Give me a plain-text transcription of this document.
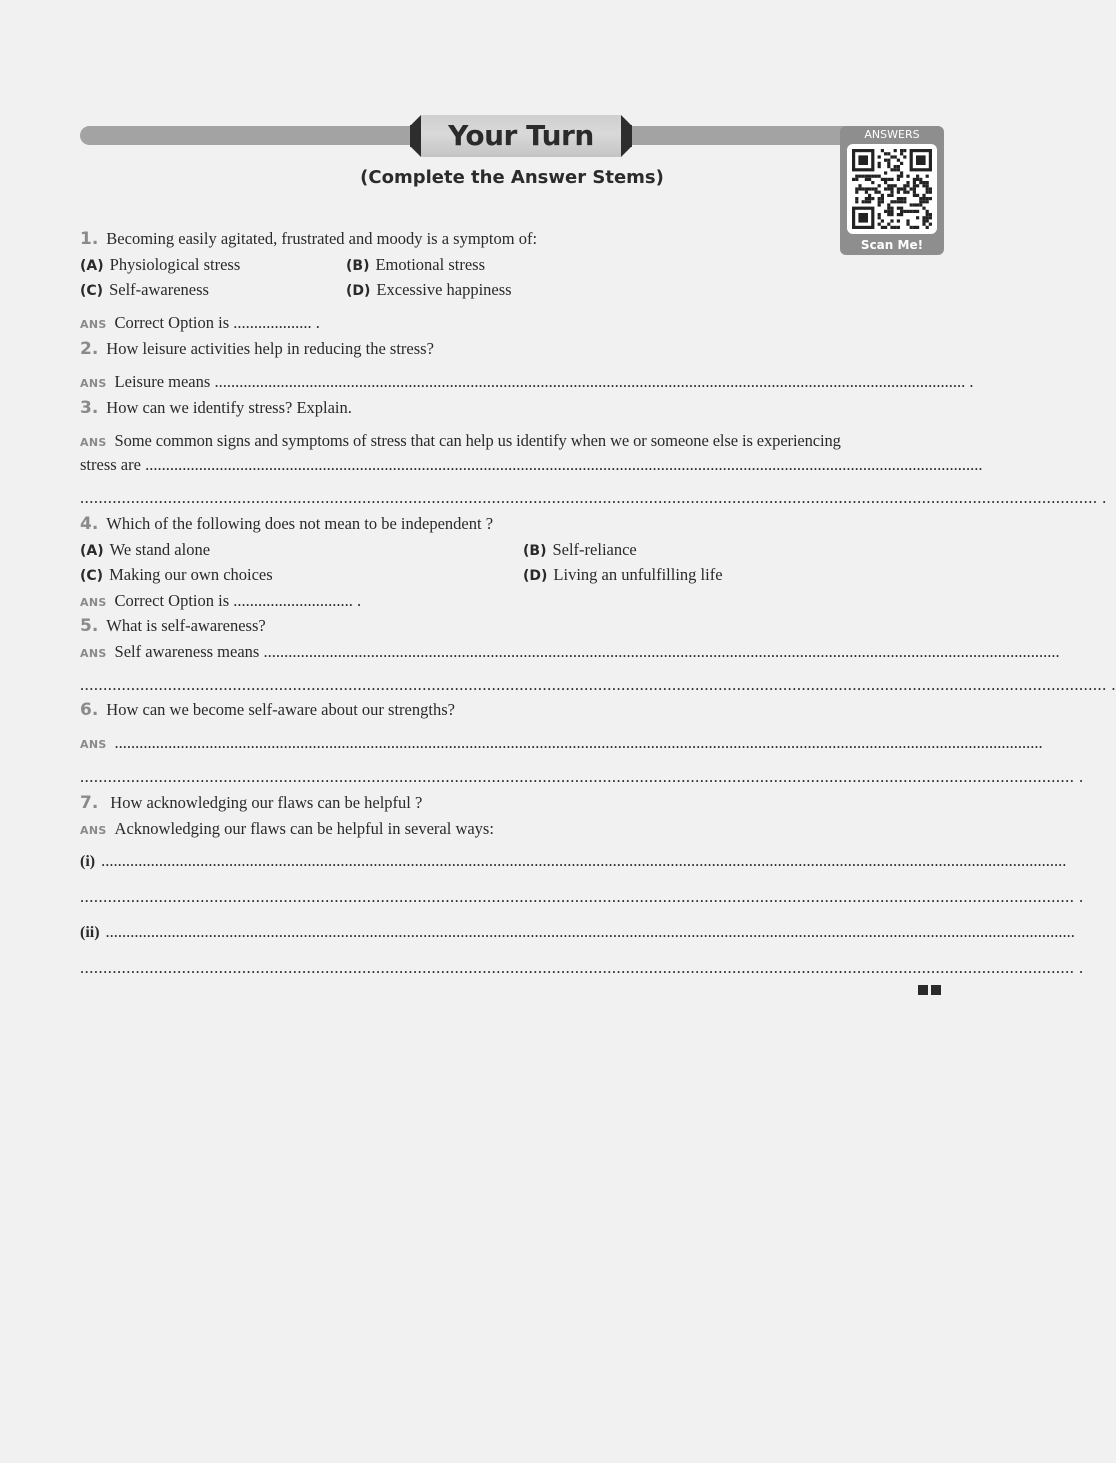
Your Turn
(Complete the Answer Stems)
ANSWERS
Scan Me!
1. Becoming easily agitated, frustrated and moody is a symptom of:
(A) Physiological stress	(B) Emotional stress
(C) Self-awareness	(D) Excessive happiness
ANS Correct Option is ................... .
2. How leisure activities help in reducing the stress?
ANS Leisure means
...................................................................................................................................................................................... .
3. How can we identify stress? Explain.
ANS Some common signs and symptoms of stress that can help us identify when we or someone else is experiencing
stress are
...........................................................................................................................................................................................................
............................................................................................................................................................................................................................ .
4. Which of the following does not mean to be independent ?
(A) We stand alone	(B) Self-reliance
(C) Making our own choices	(D) Living an unfulfilling life
ANS Correct Option is ............................. .
5. What is self-awareness?
ANS Self awareness means
.................................................................................................................................................................................................
.............................................................................................................................................................................................................................. .
6. How can we become self-aware about our strengths?
ANS .................................................................................................................................................................................................................................
....................................................................................................................................................................................................................... .
7. How acknowledging our flaws can be helpful ?
ANS Acknowledging our flaws can be helpful in several ways:
(i) ..........................................................................................................................................................................................................................................
....................................................................................................................................................................................................................... .
(ii) ...........................................................................................................................................................................................................................................
....................................................................................................................................................................................................................... .
